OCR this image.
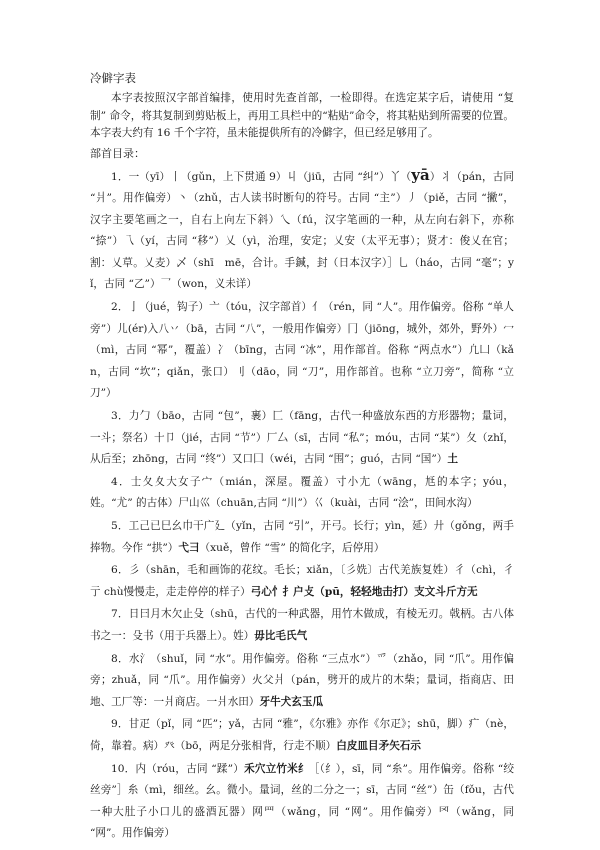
冷僻字表

本字表按照汉字部首编排，使用时先查首部，一检即得。在选定某字后，请使用 “复制” 命令，将其复制到剪贴板上，再用工具栏中的“粘贴”命令，将其粘贴到所需要的位置。本字表大约有 16 千个字符，虽未能提供所有的冷僻字，但已经足够用了。

部首目录：

1．一（yī）丨（gǔn，上下贯通 9）丩（jiū，古同 “纠”）丫（yā）丬（pán，古同 “爿”。用作偏旁）丶（zhǔ，古人读书时断句的符号。古同 “主”）丿（piě，古同 “撇”，汉字主要笔画之一，自右上向左下斜）乀（fú，汉字笔画的一种，从左向右斜下，亦称 “捺”）乁（yí，古同 “移”）乂（yì，治理，安定；乂安（太平无事）；贤才：俊乂在官；割：乂草。乂麦）乄（shī　mē，合计。手鍼，封（日本汉字）］乚（háo，古同 “毫”；yǐ，古同 “乙”）乛（won，义未详）

2．亅（jué，钩子）亠（tóu，汉字部首）亻（rén，同 “人”。用作偏旁。俗称 “单人旁”）儿(ér)入八丷（bā，古同 “八”，一般用作偏旁）冂（jiōng，城外，郊外，野外）冖（mì，古同 “幂”，覆盖）冫（bīng，古同 “冰”，用作部首。俗称 “两点水”）凢凵（kǎn，古同 “坎”；qiǎn，张口）刂（dāo，同 “刀”，用作部首。也称 “立刀旁”，简称 “立刀”）

3．力勹（bāo，古同 “包”，裹）匚（fāng，古代一种盛放东西的方形器物；量词，一斗；祭名）十卩（jié，古同 “节”）厂厶（sī，古同 “私”；móu，古同 “某”）夂（zhǐ，从后至；zhōng，古同 “终”）又口囗（wéi，古同 “围”；guó，古同 “国”）土

4．士夂夊大女子宀（mián，深屋。覆盖）寸小尢（wāng，尪的本字；yóu，姓。“尤” 的古体）尸山巛（chuān,古同 “川”）巜（kuài，古同 “浍”，田间水沟）

5．工己已巳幺巾干广廴（yǐn，古同 “引”，开弓。长行；yìn，延）廾（gǒng，两手捧物。今作 “拱”）弋彐（xuě，曾作 “雪” 的简化字，后停用）

6．彡（shān，毛和画饰的花纹。毛长；xiǎn，〔彡姺〕古代羌族复姓）彳（chì，彳亍 chù慢慢走，走走停停的样子）弓心忄扌户攴（pū，轻轻地击打）支文斗斤方无

7．日曰月木欠止殳（shū，古代的一种武器，用竹木做成，有棱无刃。戟柄。古八体书之一：殳书（用于兵器上）。姓）毋比毛氏气

8．水氵（shuǐ，同 “水”。用作偏旁。俗称 “三点水”）爫（zhǎo，同 “爪”。用作偏旁；zhuǎ，同 “爪”。用作偏旁）火父爿（pán，劈开的成片的木柴；量词，指商店、田地、工厂等：一爿商店。一爿水田）牙牛犬玄玉瓜

9．甘疋（pǐ，同 “匹”；yǎ，古同 “雅”，《尔雅》亦作《尔疋》；shū，脚）疒（nè，倚，靠着。病）癶（bō，两足分张相背，行走不顺）白皮皿目矛矢石示

10．内（róu，古同 “蹂”）禾穴立竹米纟［（纟），sī，同 “糸”。用作偏旁。俗称 “绞丝旁”］糸（mì，细丝。幺。微小。量词，丝的二分之一；sī，古同 “丝”）缶（fǒu，古代一种大肚子小口儿的盛酒瓦器）网罒（wǎng，同 “网”。用作偏旁）罓（wǎng，同 “网”。用作偏旁）
